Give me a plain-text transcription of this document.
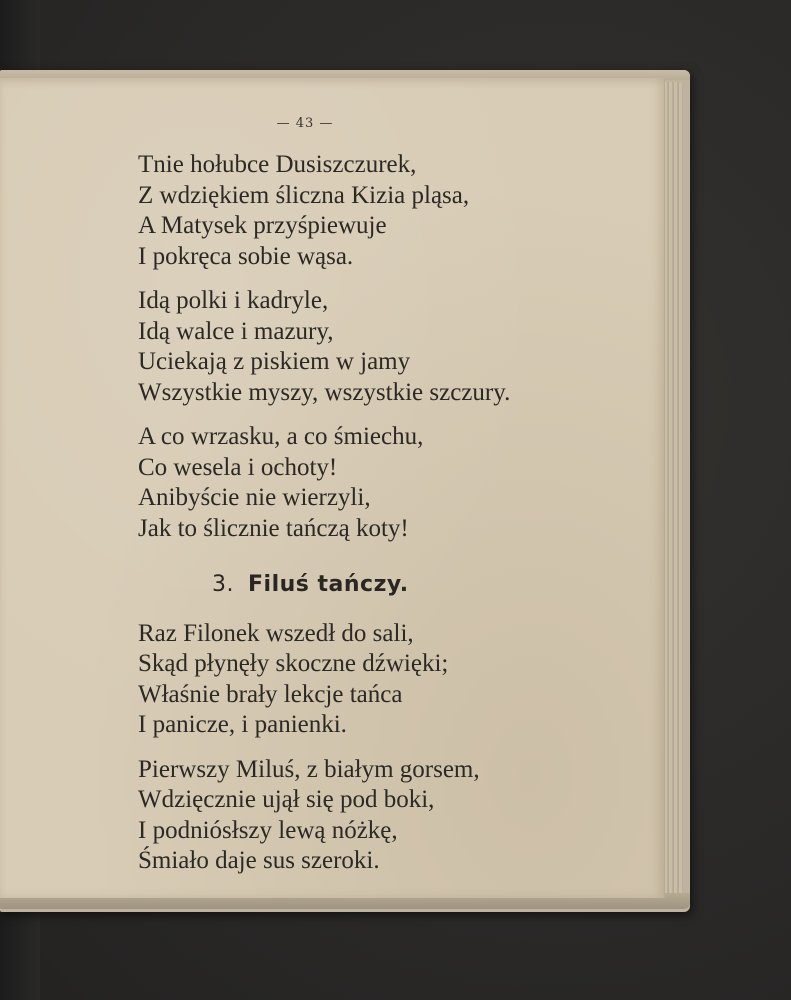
— 43 —
Tnie hołubce Dusiszczurek,
Z wdziękiem śliczna Kizia pląsa,
A Matysek przyśpiewuje
I pokręca sobie wąsa.
Idą polki i kadryle,
Idą walce i mazury,
Uciekają z piskiem w jamy
Wszystkie myszy, wszystkie szczury.
A co wrzasku, a co śmiechu,
Co wesela i ochoty!
Anibyście nie wierzyli,
Jak to ślicznie tańczą koty!
3. Filuś tańczy.
Raz Filonek wszedł do sali,
Skąd płynęły skoczne dźwięki;
Właśnie brały lekcje tańca
I panicze, i panienki.
Pierwszy Miluś, z białym gorsem,
Wdzięcznie ujął się pod boki,
I podniósłszy lewą nóżkę,
Śmiało daje sus szeroki.
